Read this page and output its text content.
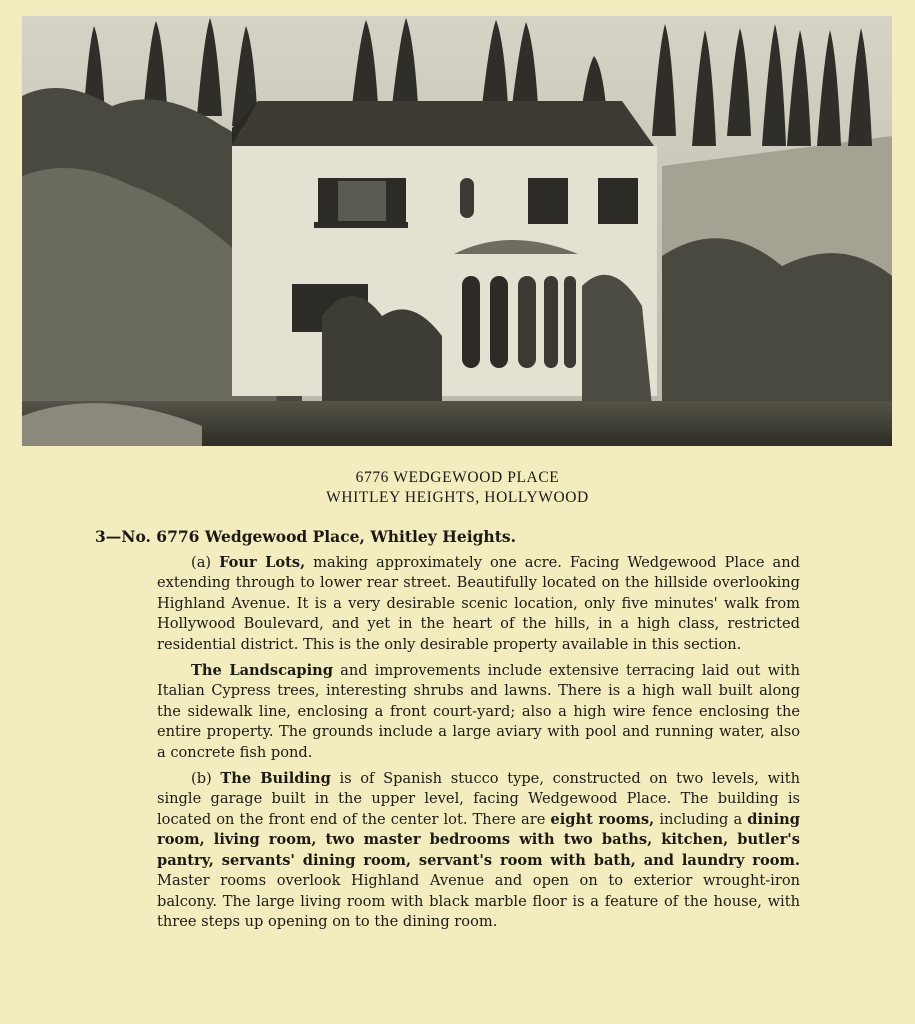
6776 WEDGEWOOD PLACE
WHITLEY HEIGHTS, HOLLYWOOD
3—No. 6776 Wedgewood Place, Whitley Heights.

(a) Four Lots, making approximately one acre. Facing Wedgewood Place and extending through to lower rear street. Beautifully located on the hillside overlooking Highland Avenue. It is a very desirable scenic location, only five minutes' walk from Hollywood Boulevard, and yet in the heart of the hills, in a high class, restricted residential district. This is the only desirable property available in this section.

The Landscaping and improvements include extensive terracing laid out with Italian Cypress trees, interesting shrubs and lawns. There is a high wall built along the sidewalk line, enclosing a front court-yard; also a high wire fence enclosing the entire property. The grounds include a large aviary with pool and running water, also a concrete fish pond.

(b) The Building is of Spanish stucco type, constructed on two levels, with single garage built in the upper level, facing Wedgewood Place. The building is located on the front end of the center lot. There are eight rooms, including a dining room, living room, two master bedrooms with two baths, kitchen, butler's pantry, servants' dining room, servant's room with bath, and laundry room. Master rooms overlook Highland Avenue and open on to exterior wrought-iron balcony. The large living room with black marble floor is a feature of the house, with three steps up opening on to the dining room.
